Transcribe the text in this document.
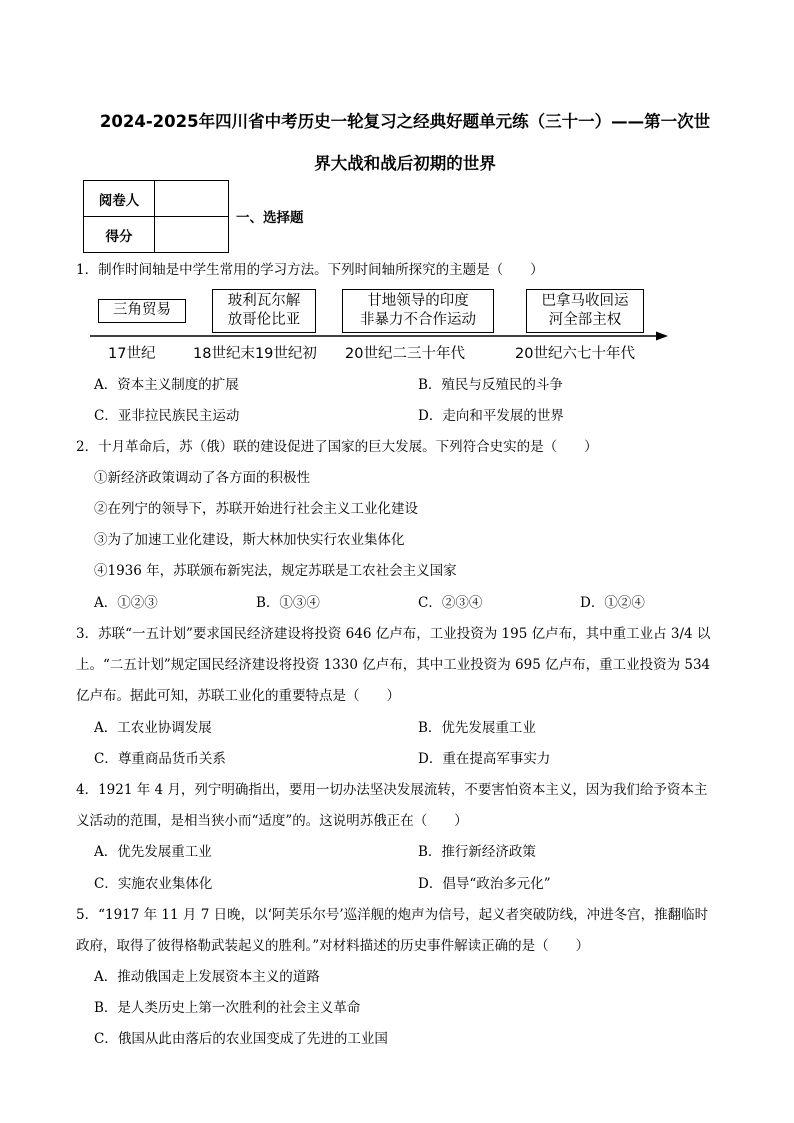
2024-2025年四川省中考历史一轮复习之经典好题单元练（三十一）——第一次世
界大战和战后初期的世界
阅卷人	
得分	
一、选择题
1．制作时间轴是中学生常用的学习方法。下列时间轴所探究的主题是（　　）
三角贸易
玻利瓦尔解
放哥伦比亚
甘地领导的印度
非暴力不合作运动
巴拿马收回运
河全部主权
17世纪	18世纪末19世纪初 20世纪二三十年代	20世纪六七十年代
A．资本主义制度的扩展	B．殖民与反殖民的斗争
C．亚非拉民族民主运动	D．走向和平发展的世界
2．十月革命后，苏（俄）联的建设促进了国家的巨大发展。下列符合史实的是（　　）
①新经济政策调动了各方面的积极性
②在列宁的领导下，苏联开始进行社会主义工业化建设
③为了加速工业化建设，斯大林加快实行农业集体化
④1936 年，苏联颁布新宪法，规定苏联是工农社会主义国家
A．①②③	B．①③④	C．②③④	D．①②④
3．苏联“一五计划”要求国民经济建设将投资 646 亿卢布，工业投资为 195 亿卢布，其中重工业占 3/4 以
上。“二五计划”规定国民经济建设将投资 1330 亿卢布，其中工业投资为 695 亿卢布，重工业投资为 534
亿卢布。据此可知，苏联工业化的重要特点是（　　）
A．工农业协调发展	B．优先发展重工业
C．尊重商品货币关系	D．重在提高军事实力
4．1921 年 4 月，列宁明确指出，要用一切办法坚决发展流转，不要害怕资本主义，因为我们给予资本主
义活动的范围，是相当狭小而“适度”的。这说明苏俄正在（　　）
A．优先发展重工业	B．推行新经济政策
C．实施农业集体化	D．倡导“政治多元化”
5．“1917 年 11 月 7 日晚，以‘阿芙乐尔号’巡洋舰的炮声为信号，起义者突破防线，冲进冬宫，推翻临时
政府，取得了彼得格勒武装起义的胜利。”对材料描述的历史事件解读正确的是（　　）
A．推动俄国走上发展资本主义的道路
B．是人类历史上第一次胜利的社会主义革命
C．俄国从此由落后的农业国变成了先进的工业国
